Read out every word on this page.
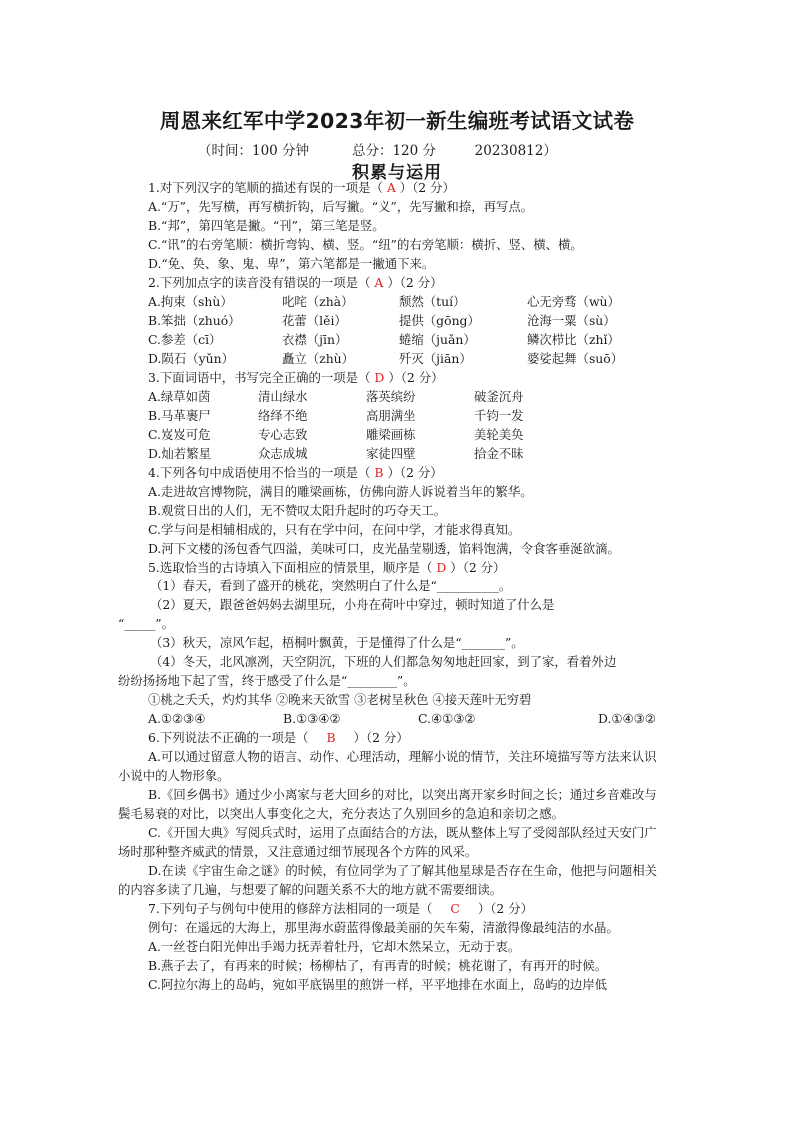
周恩来红军中学2023年初一新生编班考试语文试卷
（时间：100 分钟          总分：120 分         20230812）
积累与运用
1.对下列汉字的笔顺的描述有误的一项是（ A ）（2 分）
A.“万”，先写横，再写横折钩，后写撇。“义”，先写撇和捺，再写点。
B.“邦”，第四笔是撇。“刊”，第三笔是竖。
C.“讯”的右旁笔顺：横折弯钩、横、竖。“纽”的右旁笔顺：横折、竖、横、横。
D.“免、奂、象、鬼、卑”，第六笔都是一撇通下来。
2.下列加点字的读音没有错误的一项是（ A ）（2 分）
A.拘束（shù）	叱咤（zhà）	颓然（tuí）	心无旁骛（wù）
B.笨拙（zhuó）	花蕾（lěi）	提供（gōng）	沧海一粟（sù）
C.参差（cī）	衣襟（jīn）	蜷缩（juǎn）	鳞次栉比（zhǐ）
D.陨石（yǔn）	矗立（zhù）	歼灭（jiān）	婆娑起舞（suō）
3.下面词语中，书写完全正确的一项是（ D ）（2 分）
A.绿草如茵	清山绿水	落英缤纷	破釜沉舟
B.马革裹尸	络绎不绝	高朋满坐	千钧一发
C.岌岌可危	专心志致	雕梁画栋	美轮美奂
D.灿若繁星	众志成城	家徒四壁	拾金不昧
4.下列各句中成语使用不恰当的一项是（ B ）（2 分）
A.走进故宫博物院，满目的雕梁画栋，仿佛向游人诉说着当年的繁华。
B.观赏日出的人们，无不赞叹太阳升起时的巧夺天工。
C.学与问是相辅相成的，只有在学中问，在问中学，才能求得真知。
D.河下文楼的汤包香气四溢，美味可口，皮光晶莹剔透，馅料饱满，令食客垂涎欲滴。
5.选取恰当的古诗填入下面相应的情景里，顺序是（ D ）（2 分）
（1）春天，看到了盛开的桃花，突然明白了什么是“__________。
（2）夏天，跟爸爸妈妈去湖里玩，小舟在荷叶中穿过，顿时知道了什么是
“_____”。
（3）秋天，凉风乍起，梧桐叶飘黄，于是懂得了什么是“_______”。
（4）冬天，北风凛冽，天空阴沉，下班的人们都急匆匆地赶回家，到了家，看着外边
纷纷扬扬地下起了雪，终于感受了什么是“________”。
①桃之夭夭，灼灼其华 ②晚来天欲雪 ③老树呈秋色 ④接天莲叶无穷碧
A.①②③④	B.①③④②	C.④①③②	D.①④③②
6.下列说法不正确的一项是（ B ）（2 分）
A.可以通过留意人物的语言、动作、心理活动，理解小说的情节，关注环境描写等方法来认识小说中的人物形象。
B.《回乡偶书》通过少小离家与老大回乡的对比，以突出离开家乡时间之长；通过乡音难改与鬓毛易衰的对比，以突出人事变化之大，充分表达了久别回乡的急迫和亲切之感。
C.《开国大典》写阅兵式时，运用了点面结合的方法，既从整体上写了受阅部队经过天安门广场时那种整齐威武的情景，又注意通过细节展现各个方阵的风采。
D.在读《宇宙生命之谜》的时候，有位同学为了了解其他星球是否存在生命，他把与问题相关的内容多读了几遍，与想要了解的问题关系不大的地方就不需要细读。
7.下列句子与例句中使用的修辞方法相同的一项是（ C ）（2 分）
例句：在遥远的大海上，那里海水蔚蓝得像最美丽的矢车菊，清澈得像最纯洁的水晶。
A.一丝苍白阳光伸出手竭力抚弄着牡丹，它却木然呆立，无动于衷。
B.燕子去了，有再来的时候；杨柳枯了，有再青的时候；桃花谢了，有再开的时候。
C.阿拉尔海上的岛屿，宛如平底锅里的煎饼一样，平平地排在水面上，岛屿的边岸低
